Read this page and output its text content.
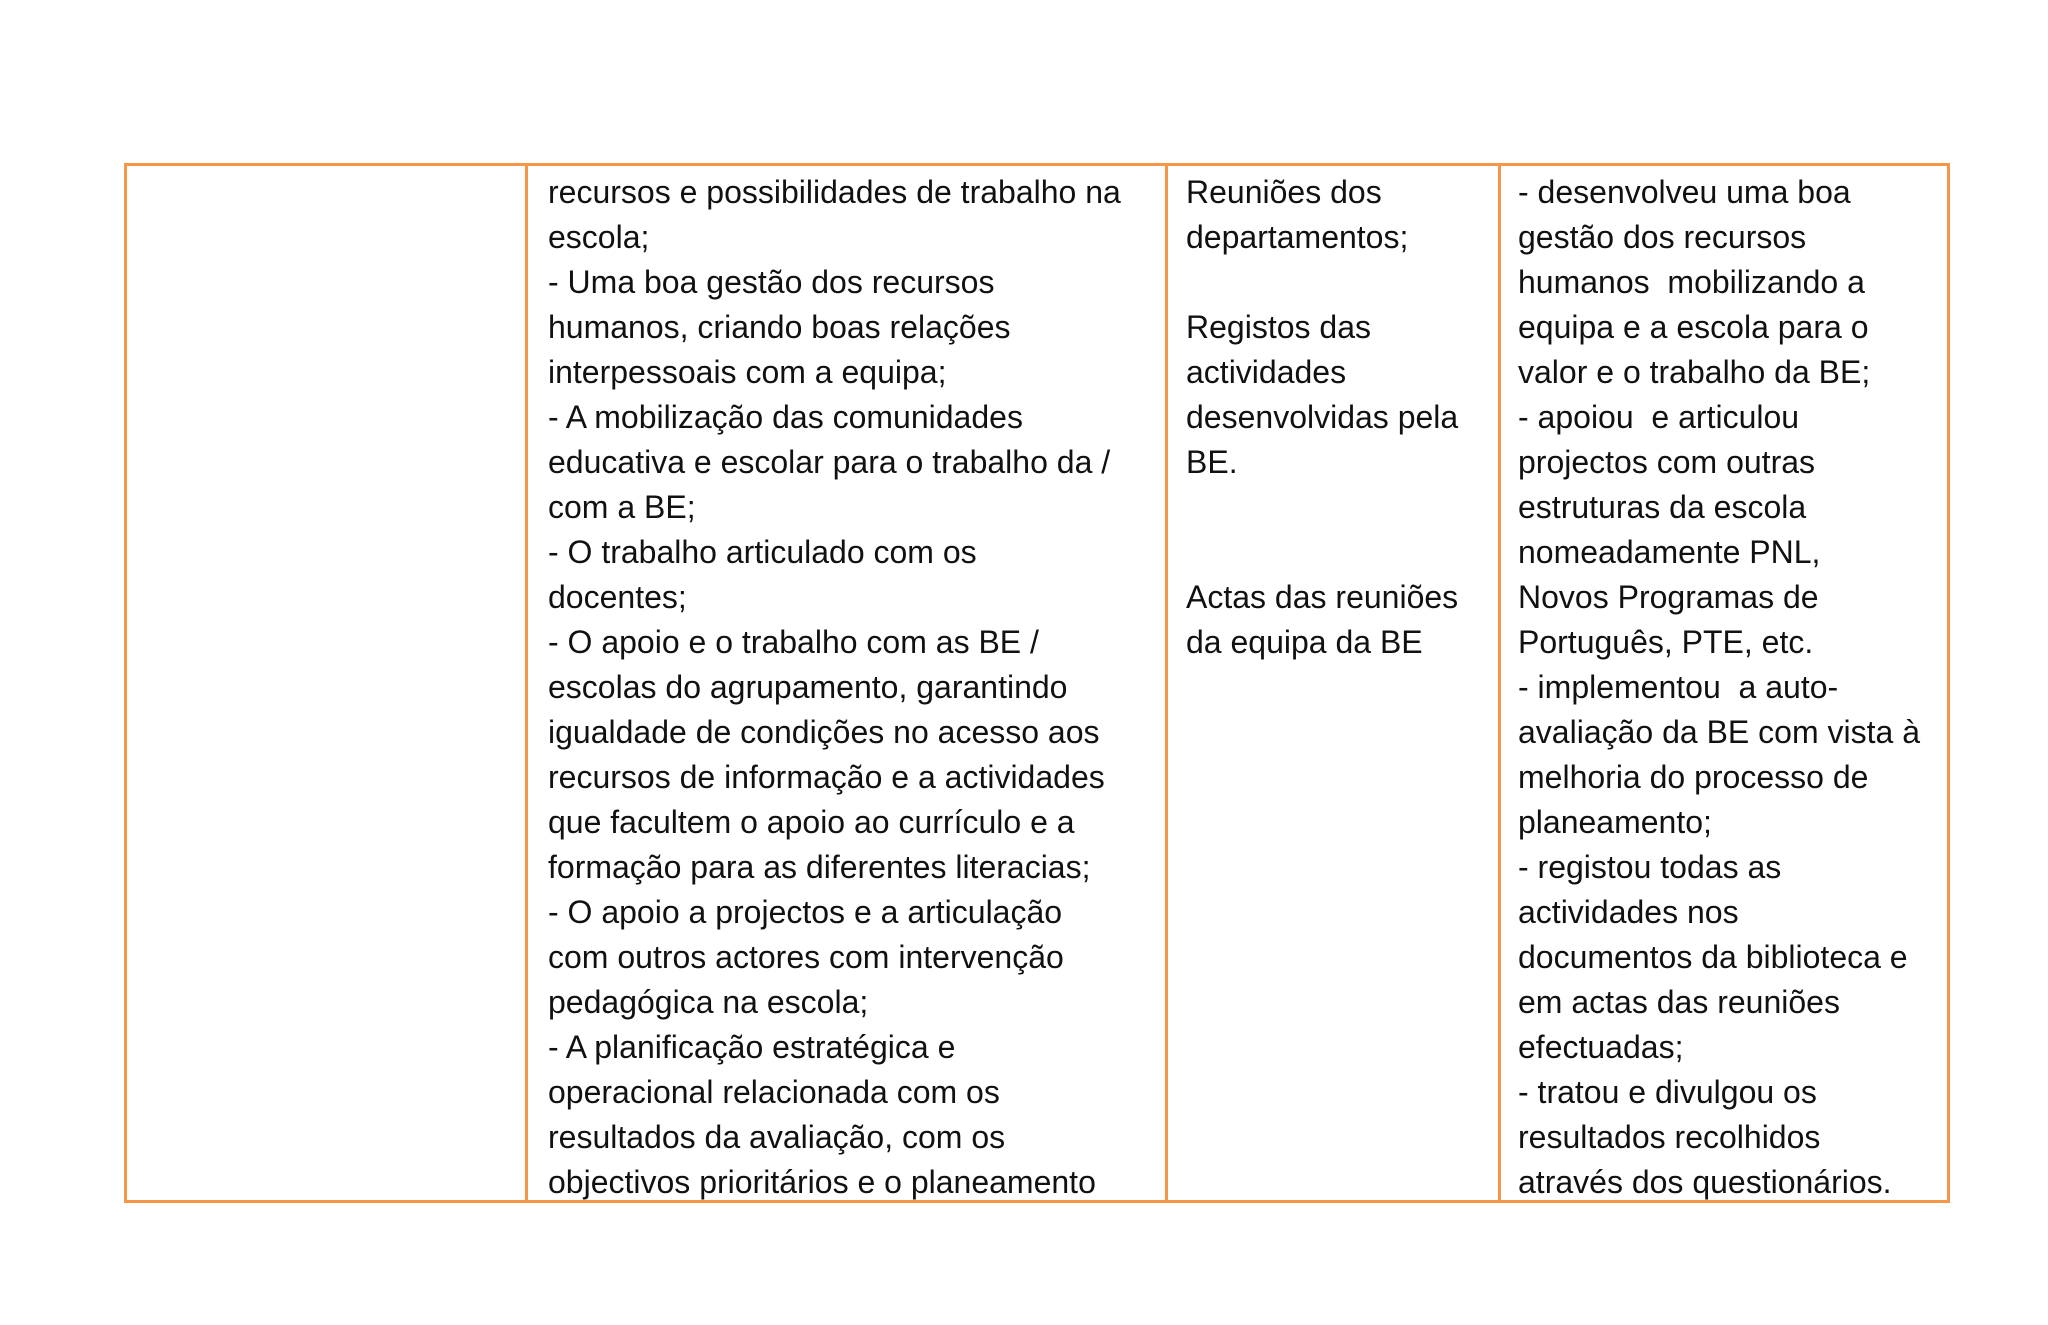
recursos e possibilidades de trabalho na
escola;
- Uma boa gestão dos recursos
humanos, criando boas relações
interpessoais com a equipa;
- A mobilização das comunidades
educativa e escolar para o trabalho da /
com a BE;
- O trabalho articulado com os
docentes;
- O apoio e o trabalho com as BE /
escolas do agrupamento, garantindo
igualdade de condições no acesso aos
recursos de informação e a actividades
que facultem o apoio ao currículo e a
formação para as diferentes literacias;
- O apoio a projectos e a articulação
com outros actores com intervenção
pedagógica na escola;
- A planificação estratégica e
operacional relacionada com os
resultados da avaliação, com os
objectivos prioritários e o planeamento
Reuniões dos
departamentos;
Registos das
actividades
desenvolvidas pela
BE.
Actas das reuniões
da equipa da BE
- desenvolveu uma boa
gestão dos recursos
humanos  mobilizando a
equipa e a escola para o
valor e o trabalho da BE;
- apoiou  e articulou
projectos com outras
estruturas da escola
nomeadamente PNL,
Novos Programas de
Português, PTE, etc.
- implementou  a auto-
avaliação da BE com vista à
melhoria do processo de
planeamento;
- registou todas as
actividades nos
documentos da biblioteca e
em actas das reuniões
efectuadas;
- tratou e divulgou os
resultados recolhidos
através dos questionários.
